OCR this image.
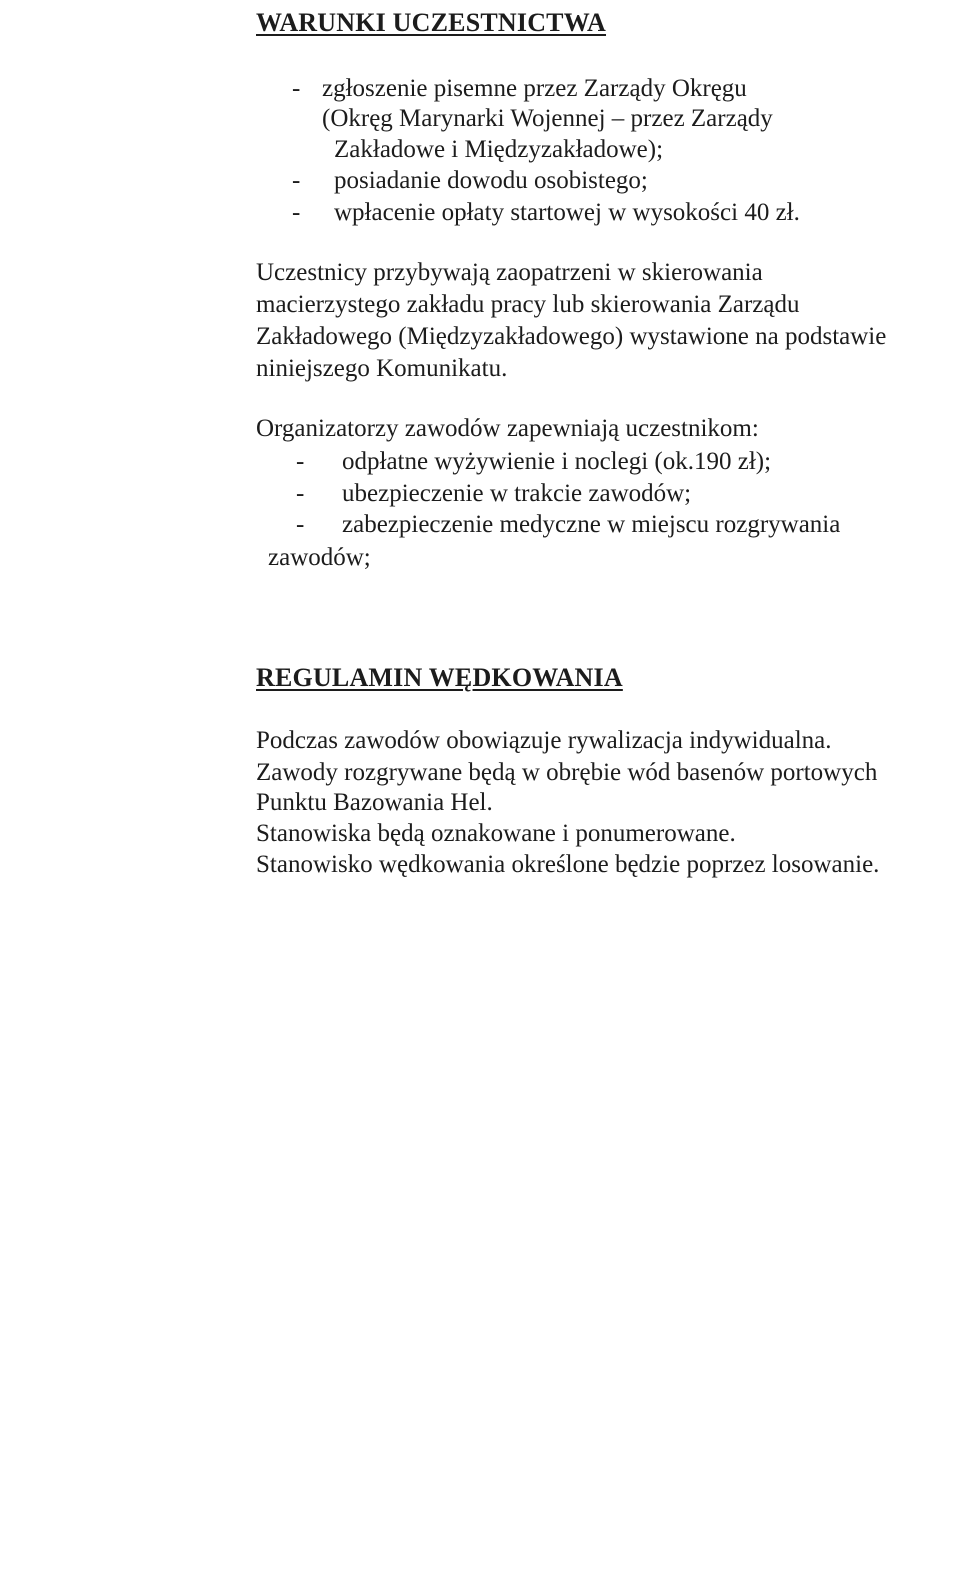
WARUNKI UCZESTNICTWA
- zgłoszenie pisemne przez Zarządy Okręgu

(Okręg Marynarki Wojennej – przez Zarządy

Zakładowe i Międzyzakładowe);

- posiadanie dowodu osobistego;

- wpłacenie opłaty startowej w wysokości 40 zł.

Uczestnicy przybywają zaopatrzeni w skierowania

macierzystego zakładu pracy lub skierowania Zarządu

Zakładowego (Międzyzakładowego) wystawione na podstawie

niniejszego Komunikatu.

Organizatorzy zawodów zapewniają uczestnikom:

- odpłatne wyżywienie i noclegi (ok.190 zł);

- ubezpieczenie w trakcie zawodów;

- zabezpieczenie medyczne w miejscu rozgrywania

zawodów;

REGULAMIN WĘDKOWANIA

Podczas zawodów obowiązuje rywalizacja indywidualna.

Zawody rozgrywane będą w obrębie wód basenów portowych

Punktu Bazowania Hel.

Stanowiska będą oznakowane i ponumerowane.

Stanowisko wędkowania określone będzie poprzez losowanie.
